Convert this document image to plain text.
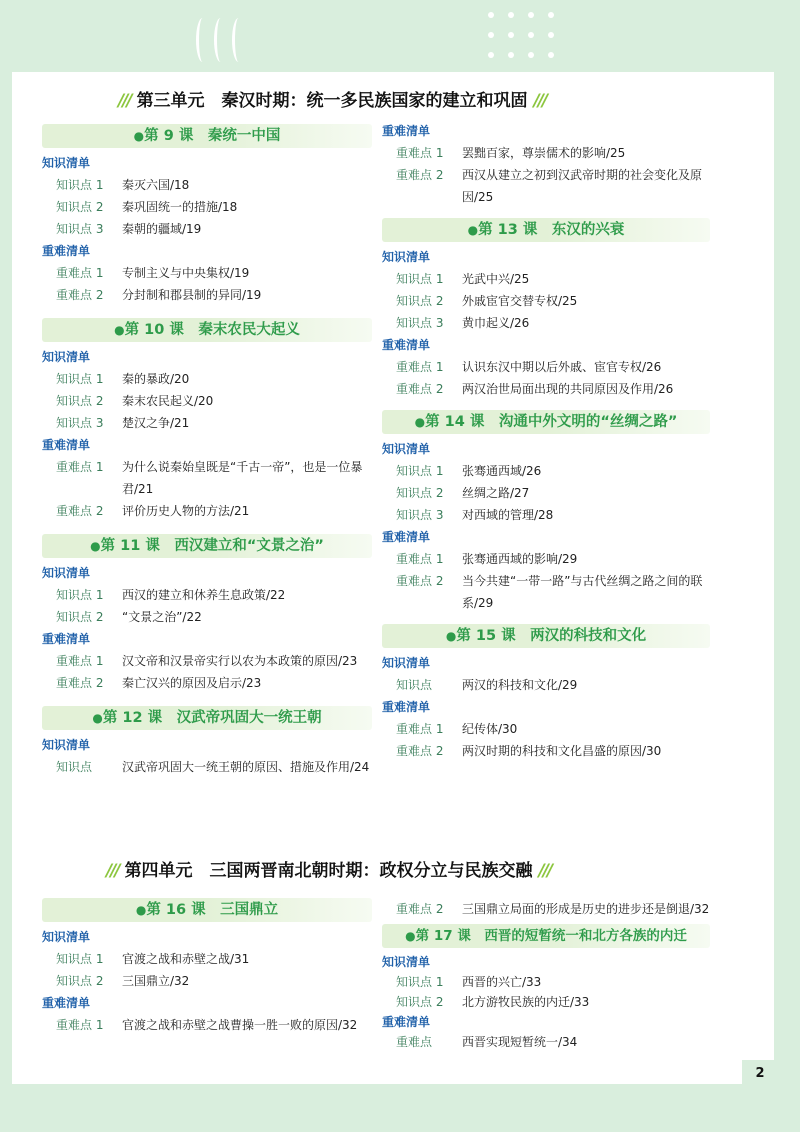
/// 第三单元　秦汉时期：统一多民族国家的建立和巩固 ///
●第 9 课　秦统一中国
知识清单
知识点 1	秦灭六国/18
知识点 2	秦巩固统一的措施/18
知识点 3	秦朝的疆域/19
重难清单
重难点 1	专制主义与中央集权/19
重难点 2	分封制和郡县制的异同/19
●第 10 课　秦末农民大起义
知识清单
知识点 1	秦的暴政/20
知识点 2	秦末农民起义/20
知识点 3	楚汉之争/21
重难清单
重难点 1	为什么说秦始皇既是“千古一帝”，也是一位暴君/21
重难点 2	评价历史人物的方法/21
●第 11 课　西汉建立和“文景之治”
知识清单
知识点 1	西汉的建立和休养生息政策/22
知识点 2	“文景之治”/22
重难清单
重难点 1	汉文帝和汉景帝实行以农为本政策的原因/23
重难点 2	秦亡汉兴的原因及启示/23
●第 12 课　汉武帝巩固大一统王朝
知识清单
知识点	汉武帝巩固大一统王朝的原因、措施及作用/24
重难清单
重难点 1	罢黜百家，尊崇儒术的影响/25
重难点 2	西汉从建立之初到汉武帝时期的社会变化及原因/25
●第 13 课　东汉的兴衰
知识清单
知识点 1	光武中兴/25
知识点 2	外戚宦官交替专权/25
知识点 3	黄巾起义/26
重难清单
重难点 1	认识东汉中期以后外戚、宦官专权/26
重难点 2	两汉治世局面出现的共同原因及作用/26
●第 14 课　沟通中外文明的“丝绸之路”
知识清单
知识点 1	张骞通西域/26
知识点 2	丝绸之路/27
知识点 3	对西域的管理/28
重难清单
重难点 1	张骞通西域的影响/29
重难点 2	当今共建“一带一路”与古代丝绸之路之间的联系/29
●第 15 课　两汉的科技和文化
知识清单
知识点	两汉的科技和文化/29
重难清单
重难点 1	纪传体/30
重难点 2	两汉时期的科技和文化昌盛的原因/30
/// 第四单元　三国两晋南北朝时期：政权分立与民族交融 ///
●第 16 课　三国鼎立
知识清单
知识点 1	官渡之战和赤壁之战/31
知识点 2	三国鼎立/32
重难清单
重难点 1	官渡之战和赤壁之战曹操一胜一败的原因/32
重难点 2	三国鼎立局面的形成是历史的进步还是倒退/32
●第 17 课　西晋的短暂统一和北方各族的内迁
知识清单
知识点 1	西晋的兴亡/33
知识点 2	北方游牧民族的内迁/33
重难清单
重难点	西晋实现短暂统一/34
2
